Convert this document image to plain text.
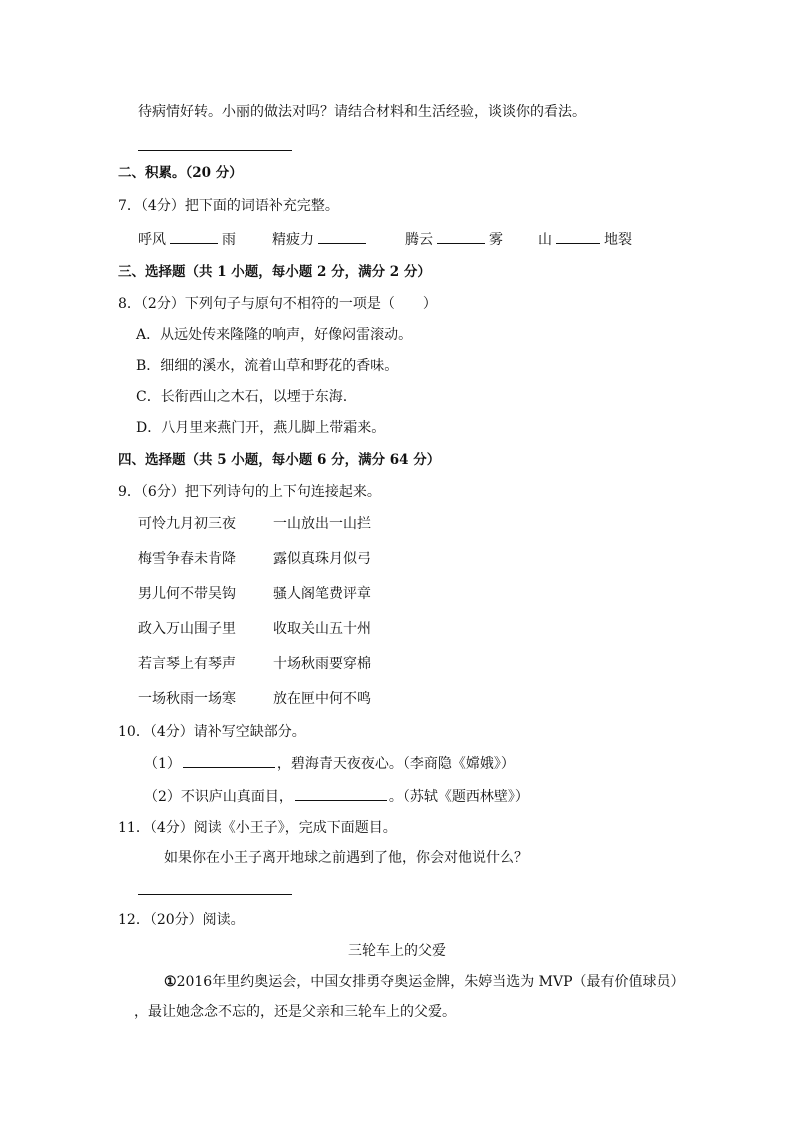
待病情好转。小丽的做法对吗？请结合材料和生活经验，谈谈你的看法。
二、积累。（20 分）
7．（4分）把下面的词语补充完整。
呼风	雨	精疲力	腾云	雾	山	地裂
三、选择题（共 1 小题，每小题 2 分，满分 2 分）
8．（2分）下列句子与原句不相符的一项是（　　）
A．从远处传来隆隆的响声，好像闷雷滚动。
B．细细的溪水，流着山草和野花的香味。
C．长衔西山之木石，以堙于东海.
D．八月里来燕门开，燕儿脚上带霜来。
四、选择题（共 5 小题，每小题 6 分，满分 64 分）
9．（6分）把下列诗句的上下句连接起来。
可怜九月初三夜	一山放出一山拦
梅雪争春未肯降	露似真珠月似弓
男儿何不带吴钩	骚人阁笔费评章
政入万山围子里	收取关山五十州
若言琴上有琴声	十场秋雨要穿棉
一场秋雨一场寒	放在匣中何不鸣
10．（4分）请补写空缺部分。
（1）	，碧海青天夜夜心。（李商隐《嫦娥》）
（2）不识庐山真面目，	。（苏轼《题西林壁》）
11．（4分）阅读《小王子》，完成下面题目。
如果你在小王子离开地球之前遇到了他，你会对他说什么？
12．（20分）阅读。
三轮车上的父爱
①2016年里约奥运会，中国女排勇夺奥运金牌，朱婷当选为 MVP（最有价值球员）
，最让她念念不忘的，还是父亲和三轮车上的父爱。
